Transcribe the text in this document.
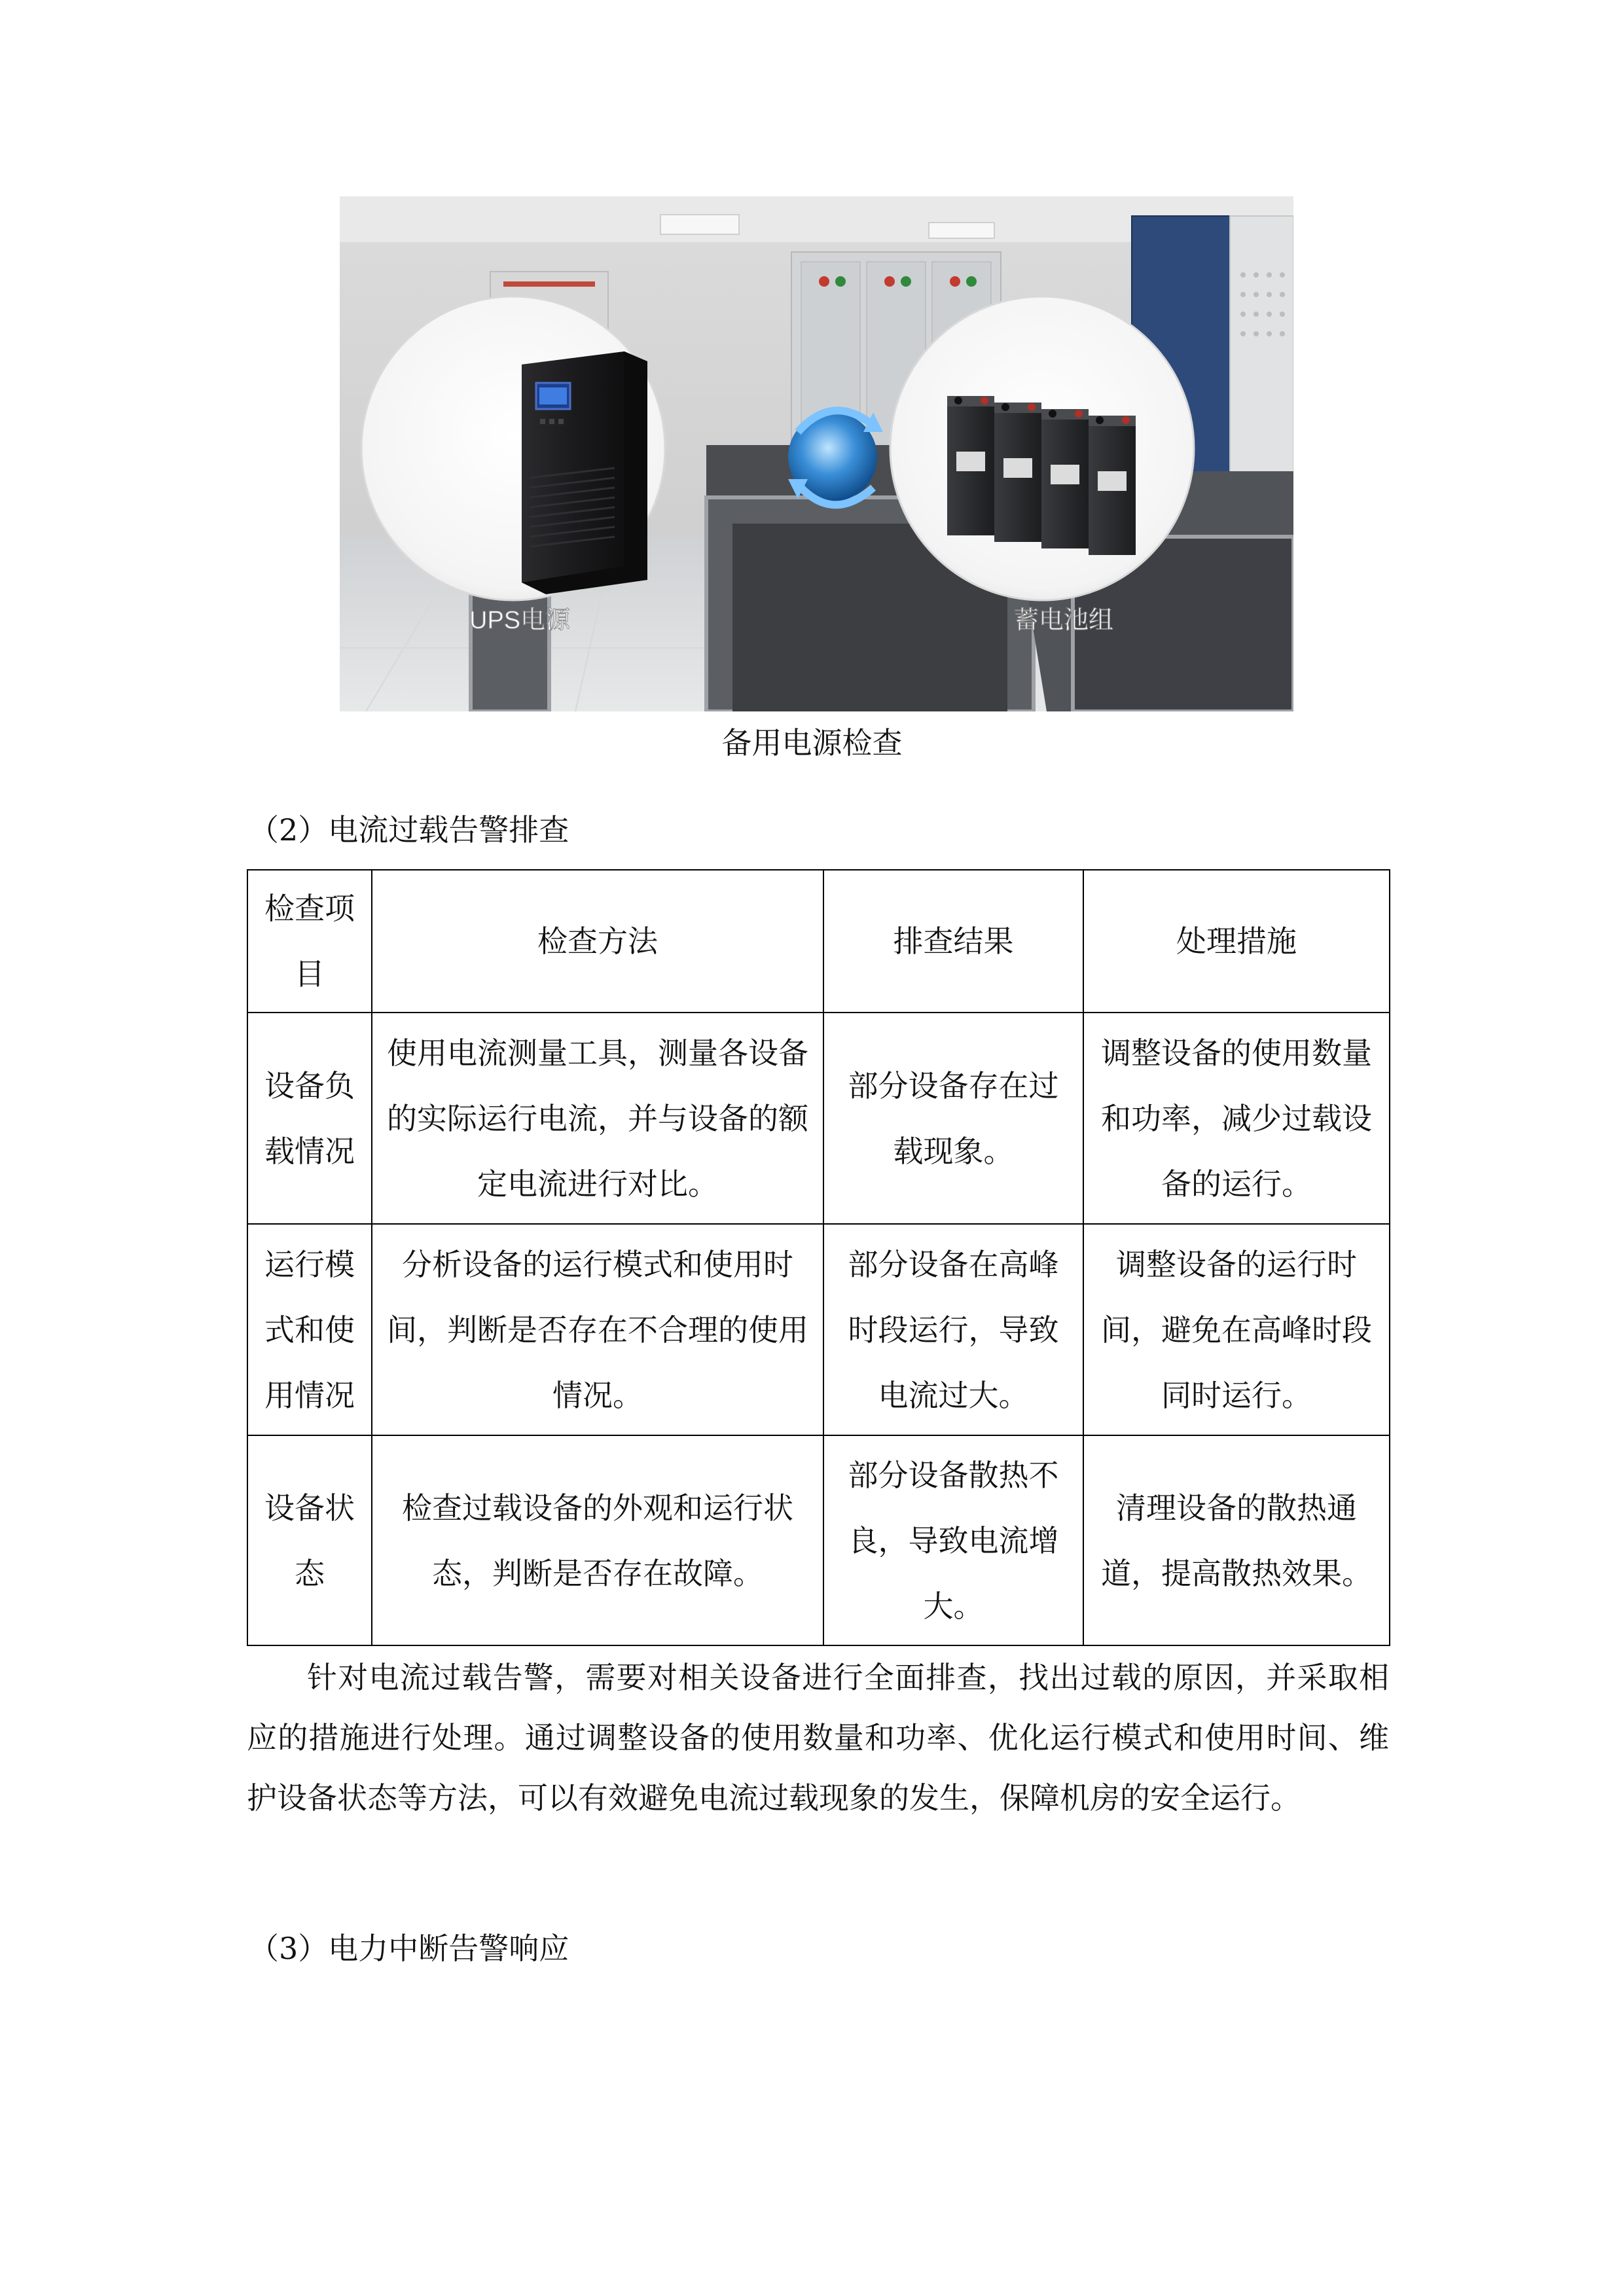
UPS电源	蓄电池组
备用电源检查
（2）电流过载告警排查
检查项目	检查方法	排查结果	处理措施
设备负载情况	使用电流测量工具，测量各设备的实际运行电流，并与设备的额定电流进行对比。	部分设备存在过载现象。	调整设备的使用数量和功率，减少过载设备的运行。
运行模式和使用情况	分析设备的运行模式和使用时间，判断是否存在不合理的使用情况。	部分设备在高峰时段运行，导致电流过大。	调整设备的运行时间，避免在高峰时段同时运行。
设备状态	检查过载设备的外观和运行状态，判断是否存在故障。	部分设备散热不良，导致电流增大。	清理设备的散热通道，提高散热效果。
针对电流过载告警，需要对相关设备进行全面排查，找出过载的原因，并采取相应的措施进行处理。通过调整设备的使用数量和功率、优化运行模式和使用时间、维护设备状态等方法，可以有效避免电流过载现象的发生，保障机房的安全运行。
（3）电力中断告警响应
